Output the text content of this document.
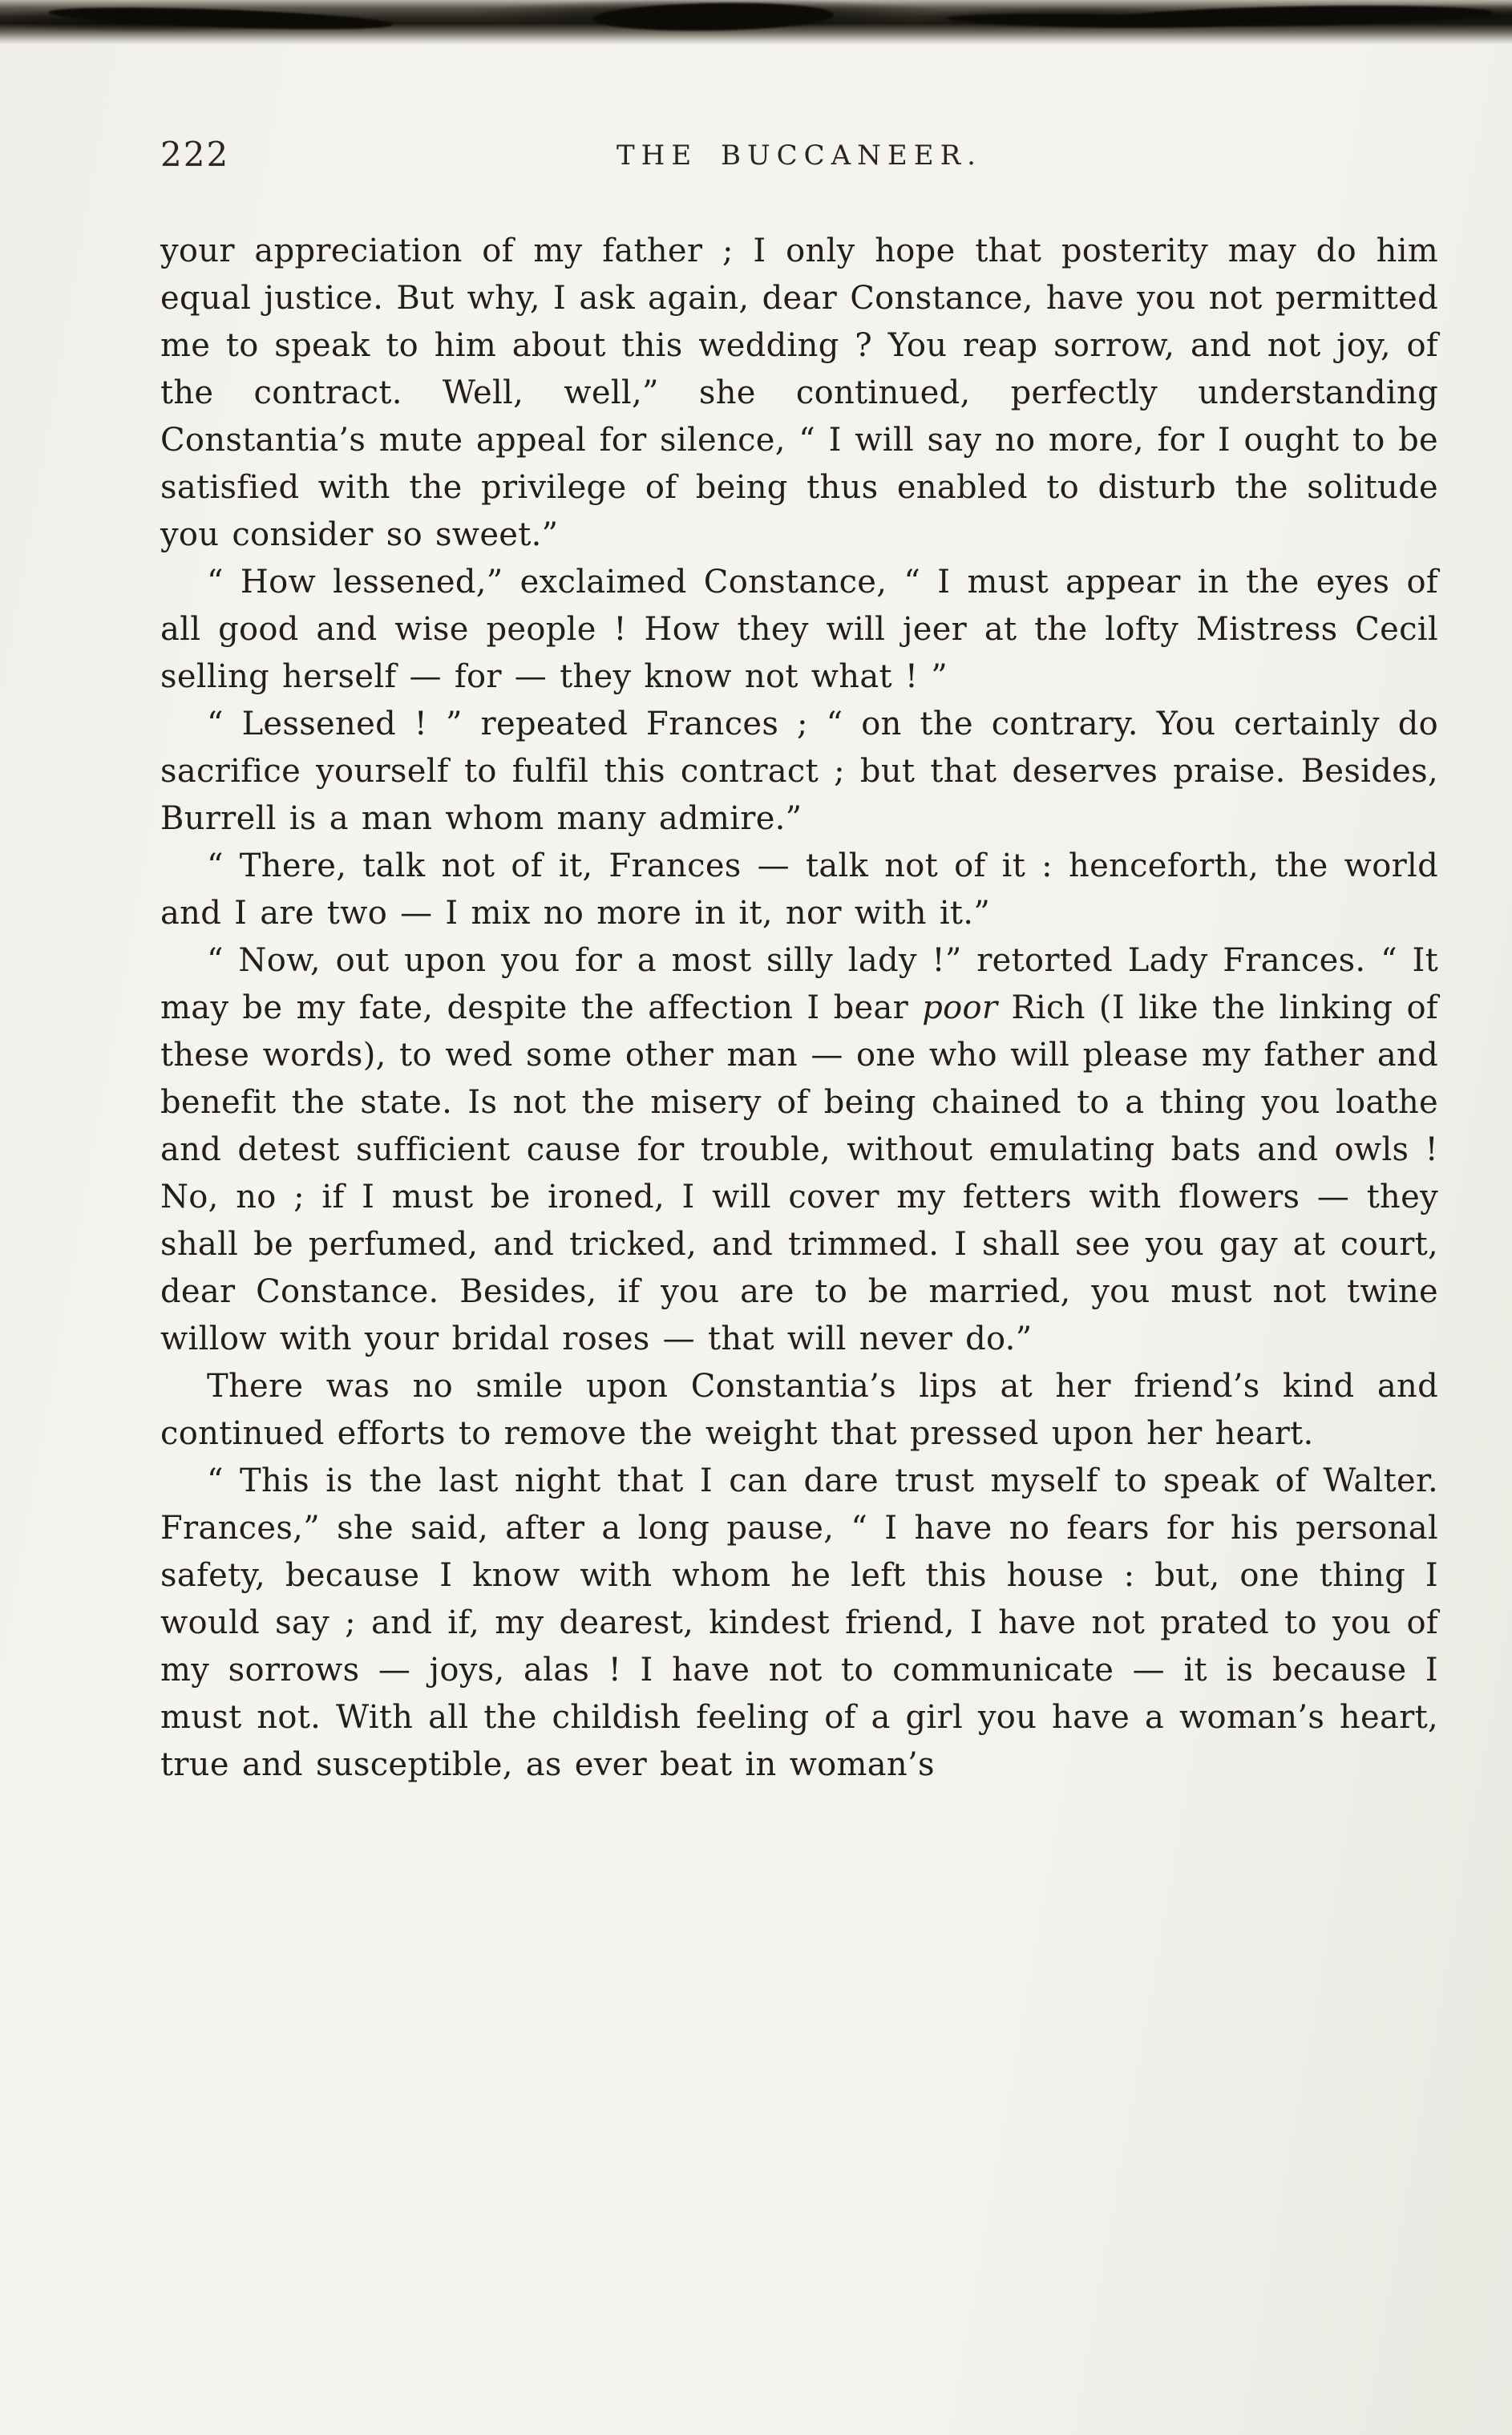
222	THE BUCCANEER.

your appreciation of my father ; I only hope that posterity may do him equal justice. But why, I ask again, dear Constance, have you not permitted me to speak to him about this wedding ? You reap sorrow, and not joy, of the contract. Well, well,” she continued, perfectly understanding Constantia’s mute appeal for silence, “ I will say no more, for I ought to be satisfied with the privilege of being thus enabled to disturb the solitude you consider so sweet.”

“ How lessened,” exclaimed Constance, “ I must appear in the eyes of all good and wise people ! How they will jeer at the lofty Mistress Cecil selling herself — for — they know not what ! ”

“ Lessened ! ” repeated Frances ; “ on the contrary. You certainly do sacrifice yourself to fulfil this contract ; but that deserves praise. Besides, Burrell is a man whom many admire.”

“ There, talk not of it, Frances — talk not of it : henceforth, the world and I are two — I mix no more in it, nor with it.”

“ Now, out upon you for a most silly lady !” retorted Lady Frances. “ It may be my fate, despite the affection I bear poor Rich (I like the linking of these words), to wed some other man — one who will please my father and benefit the state. Is not the misery of being chained to a thing you loathe and detest sufficient cause for trouble, without emulating bats and owls ! No, no ; if I must be ironed, I will cover my fetters with flowers — they shall be perfumed, and tricked, and trimmed. I shall see you gay at court, dear Constance. Besides, if you are to be married, you must not twine willow with your bridal roses — that will never do.”

There was no smile upon Constantia’s lips at her friend’s kind and continued efforts to remove the weight that pressed upon her heart.

“ This is the last night that I can dare trust myself to speak of Walter. Frances,” she said, after a long pause, “ I have no fears for his personal safety, because I know with whom he left this house : but, one thing I would say ; and if, my dearest, kindest friend, I have not prated to you of my sorrows — joys, alas ! I have not to communicate — it is because I must not. With all the childish feeling of a girl you have a woman’s heart, true and susceptible, as ever beat in woman’s
